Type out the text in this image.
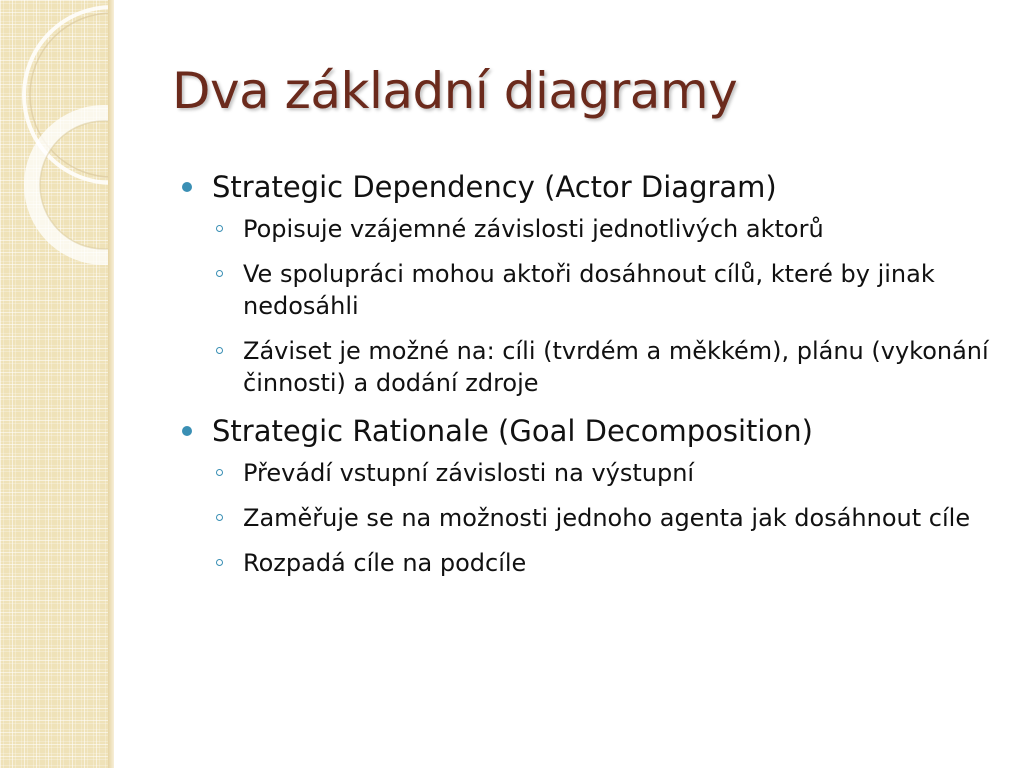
Dva základní diagramy
Strategic Dependency (Actor Diagram)
Popisuje vzájemné závislosti jednotlivých aktorů
Ve spolupráci mohou aktoři dosáhnout cílů, které by jinak nedosáhli
Záviset je možné na: cíli (tvrdém a měkkém), plánu (vykonání činnosti) a dodání zdroje
Strategic Rationale (Goal Decomposition)
Převádí vstupní závislosti na výstupní
Zaměřuje se na možnosti jednoho agenta jak dosáhnout cíle
Rozpadá cíle na podcíle
